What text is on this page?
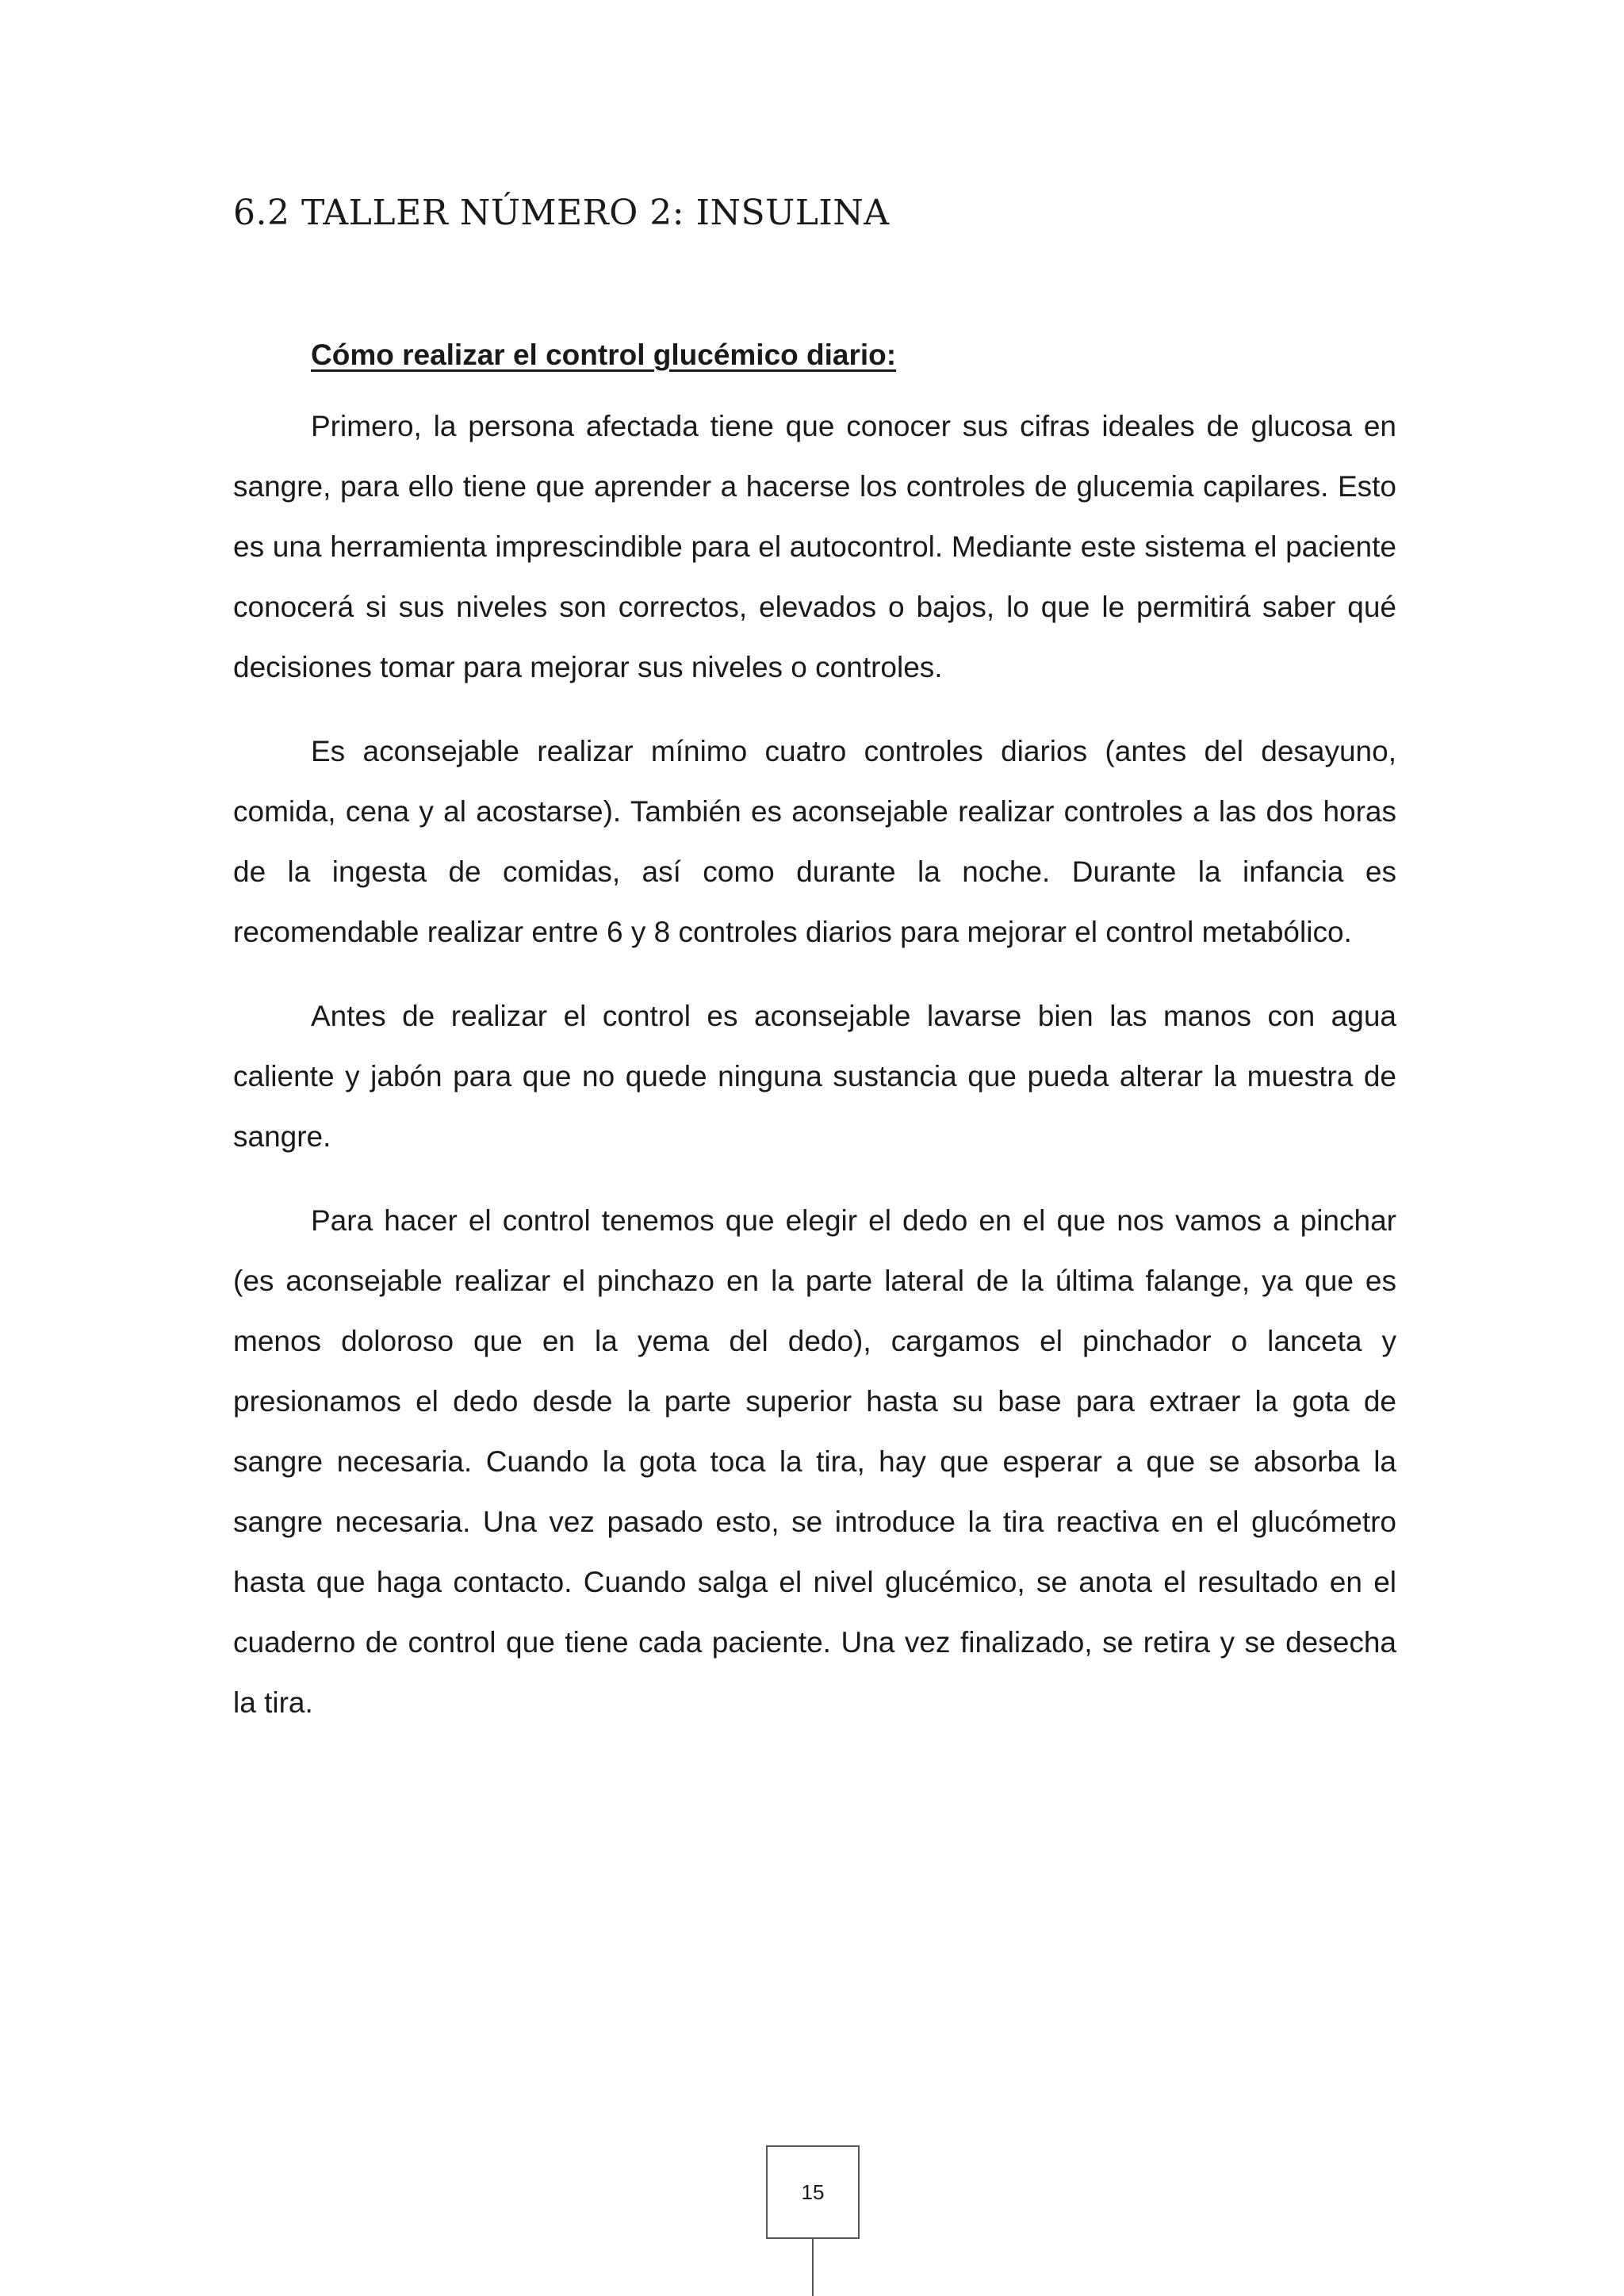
6.2 TALLER NÚMERO 2: INSULINA

Cómo realizar el control glucémico diario:

Primero, la persona afectada tiene que conocer sus cifras ideales de glucosa en sangre, para ello tiene que aprender a hacerse los controles de glucemia capilares. Esto es una herramienta imprescindible para el autocontrol. Mediante este sistema el paciente conocerá si sus niveles son correctos, elevados o bajos, lo que le permitirá saber qué decisiones tomar para mejorar sus niveles o controles.

Es aconsejable realizar mínimo cuatro controles diarios (antes del desayuno, comida, cena y al acostarse). También es aconsejable realizar controles a las dos horas de la ingesta de comidas, así como durante la noche. Durante la infancia es recomendable realizar entre 6 y 8 controles diarios para mejorar el control metabólico.

Antes de realizar el control es aconsejable lavarse bien las manos con agua caliente y jabón para que no quede ninguna sustancia que pueda alterar la muestra de sangre.

Para hacer el control tenemos que elegir el dedo en el que nos vamos a pinchar (es aconsejable realizar el pinchazo en la parte lateral de la última falange, ya que es menos doloroso que en la yema del dedo), cargamos el pinchador o lanceta y presionamos el dedo desde la parte superior hasta su base para extraer la gota de sangre necesaria. Cuando la gota toca la tira, hay que esperar a que se absorba la sangre necesaria. Una vez pasado esto, se introduce la tira reactiva en el glucómetro hasta que haga contacto. Cuando salga el nivel glucémico, se anota el resultado en el cuaderno de control que tiene cada paciente. Una vez finalizado, se retira y se desecha la tira.

15
